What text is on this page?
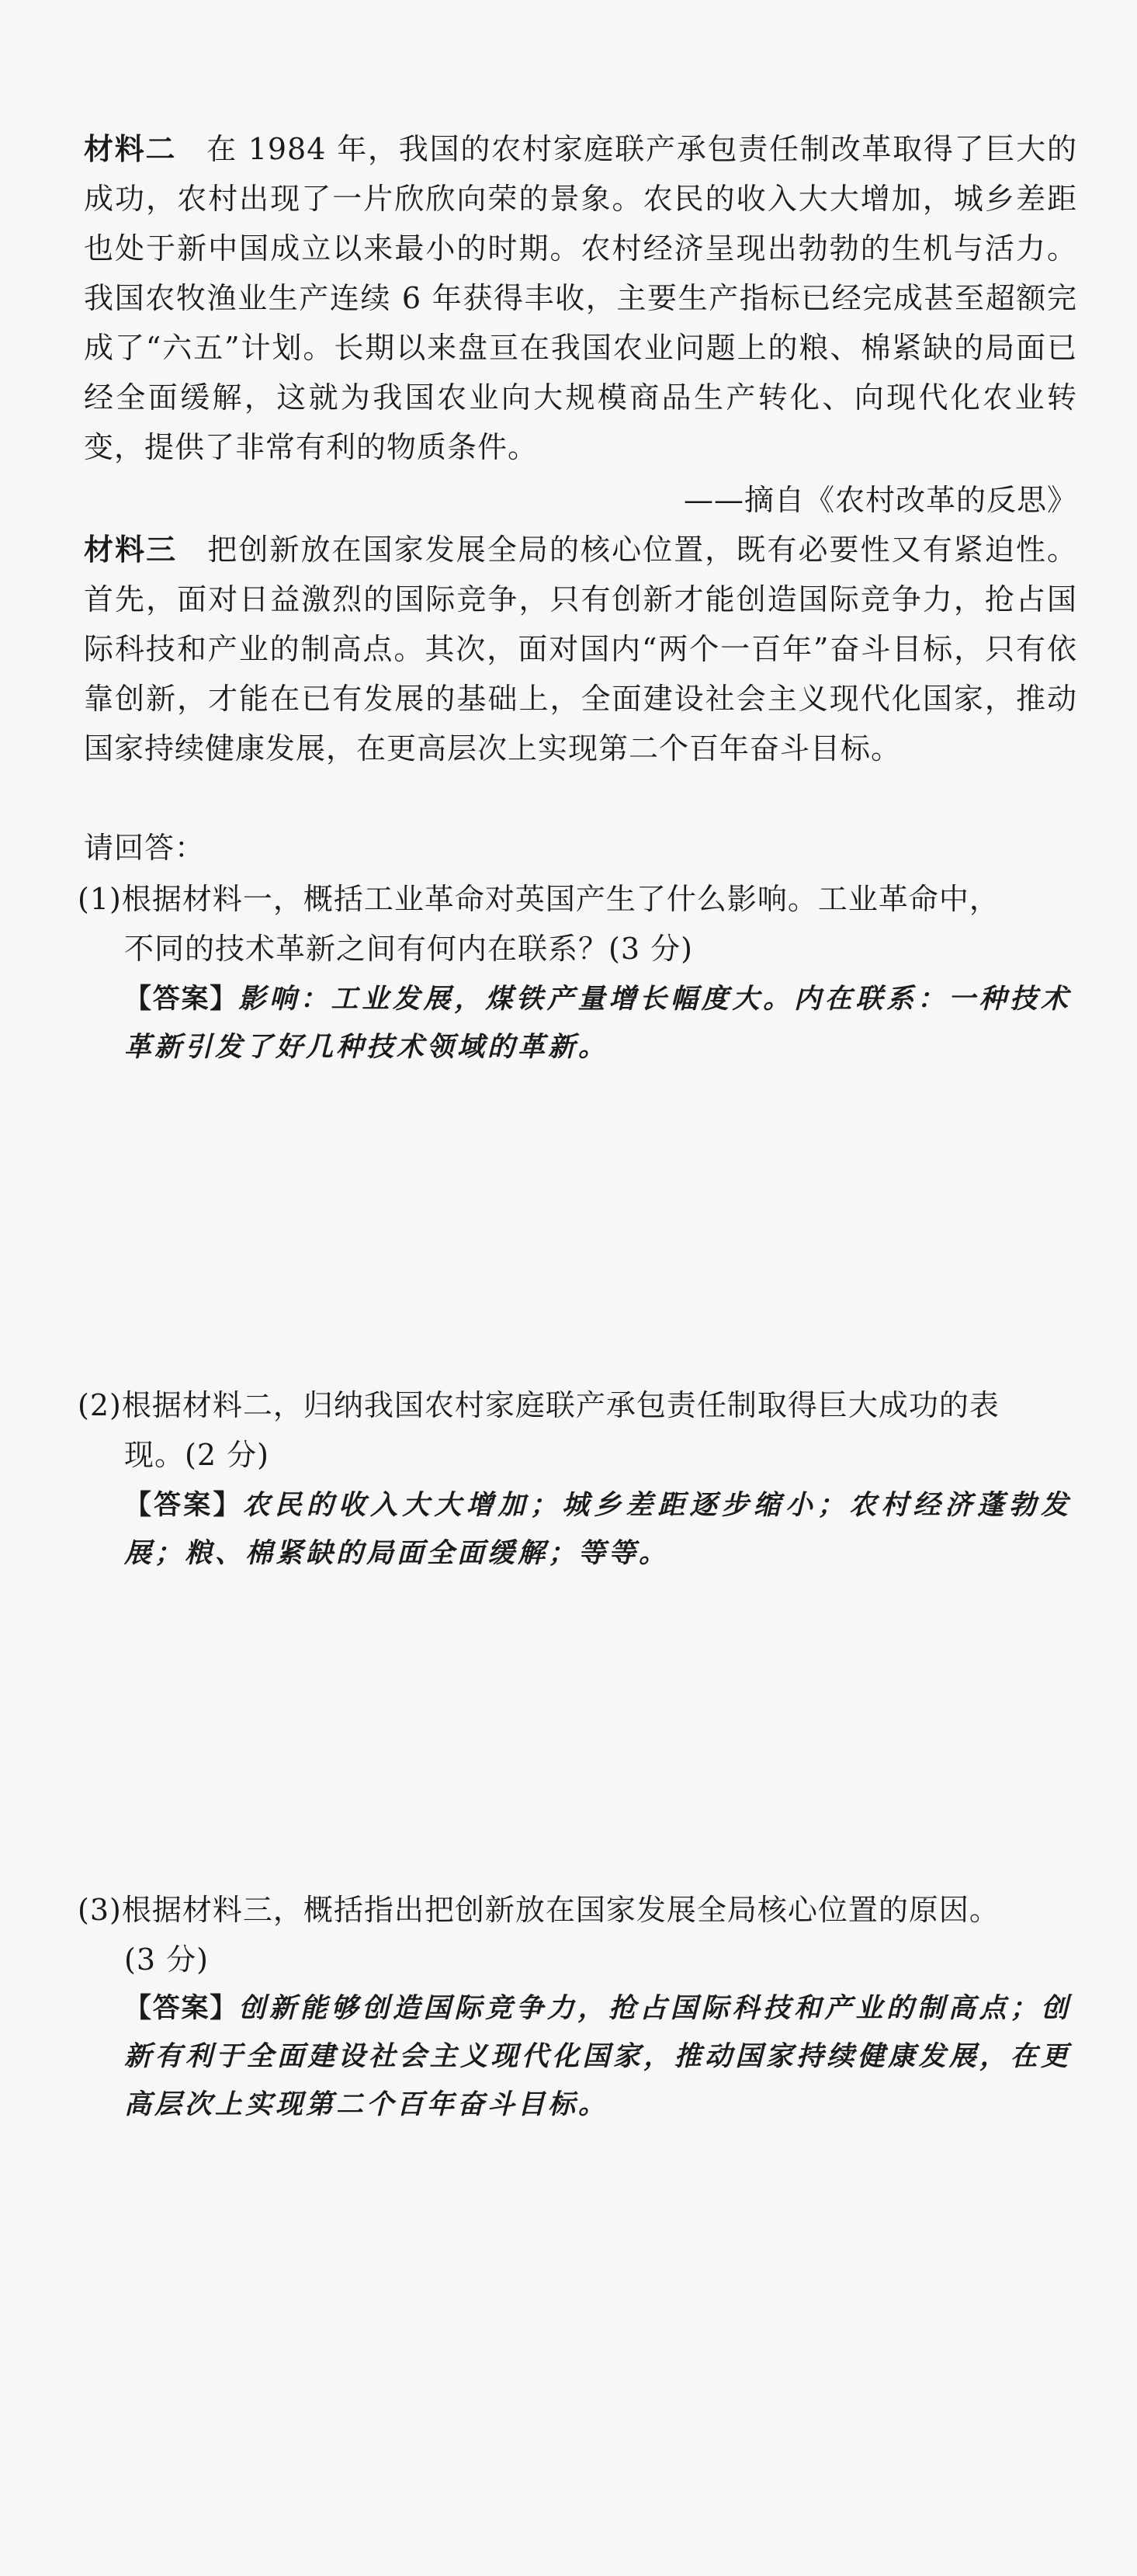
材料二 在 1984 年，我国的农村家庭联产承包责任制改革取得了巨大的成功，农村出现了一片欣欣向荣的景象。农民的收入大大增加，城乡差距也处于新中国成立以来最小的时期。农村经济呈现出勃勃的生机与活力。我国农牧渔业生产连续 6 年获得丰收，主要生产指标已经完成甚至超额完成了“六五”计划。长期以来盘亘在我国农业问题上的粮、棉紧缺的局面已经全面缓解，这就为我国农业向大规模商品生产转化、向现代化农业转变，提供了非常有利的物质条件。
——摘自《农村改革的反思》
材料三 把创新放在国家发展全局的核心位置，既有必要性又有紧迫性。首先，面对日益激烈的国际竞争，只有创新才能创造国际竞争力，抢占国际科技和产业的制高点。其次，面对国内“两个一百年”奋斗目标，只有依靠创新，才能在已有发展的基础上，全面建设社会主义现代化国家，推动国家持续健康发展，在更高层次上实现第二个百年奋斗目标。
请回答：
(1)根据材料一，概括工业革命对英国产生了什么影响。工业革命中，
不同的技术革新之间有何内在联系？(3 分)
【答案】影响：工业发展，煤铁产量增长幅度大。内在联系：一种技术革新引发了好几种技术领域的革新。
(2)根据材料二，归纳我国农村家庭联产承包责任制取得巨大成功的表
现。(2 分)
【答案】农民的收入大大增加；城乡差距逐步缩小；农村经济蓬勃发展；粮、棉紧缺的局面全面缓解；等等。
(3)根据材料三，概括指出把创新放在国家发展全局核心位置的原因。
(3 分)
【答案】创新能够创造国际竞争力，抢占国际科技和产业的制高点；创新有利于全面建设社会主义现代化国家，推动国家持续健康发展，在更高层次上实现第二个百年奋斗目标。
